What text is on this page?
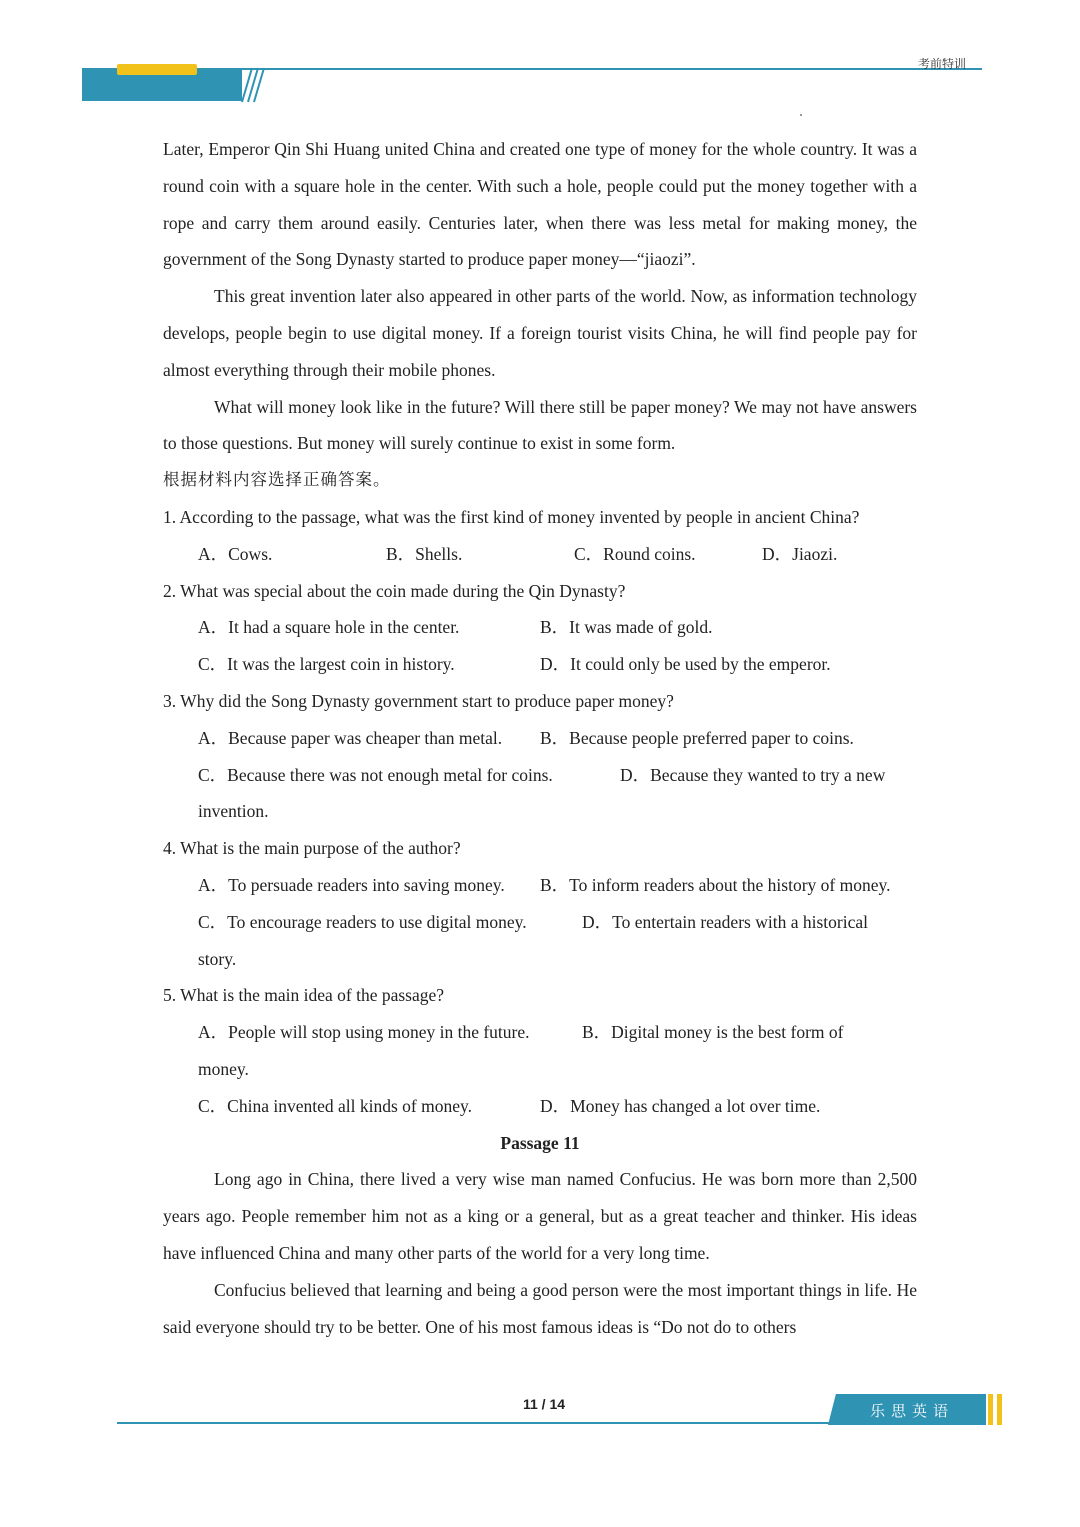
考前特训

Later, Emperor Qin Shi Huang united China and created one type of money for the whole country. It was a round coin with a square hole in the center. With such a hole, people could put the money together with a rope and carry them around easily. Centuries later, when there was less metal for making money, the government of the Song Dynasty started to produce paper money—“jiaozi”.

This great invention later also appeared in other parts of the world. Now, as information technology develops, people begin to use digital money. If a foreign tourist visits China, he will find people pay for almost everything through their mobile phones.

What will money look like in the future? Will there still be paper money? We may not have answers to those questions. But money will surely continue to exist in some form.

根据材料内容选择正确答案。

1. According to the passage, what was the first kind of money invented by people in ancient China?

A．Cows.	B．Shells.	C．Round coins.	D．Jiaozi.

2. What was special about the coin made during the Qin Dynasty?

A．It had a square hole in the center.	B．It was made of gold.
C．It was the largest coin in history.	D．It could only be used by the emperor.

3. Why did the Song Dynasty government start to produce paper money?

A．Because paper was cheaper than metal.	B．Because people preferred paper to coins.
C．Because there was not enough metal for coins.	D．Because they wanted to try a new

invention.

4. What is the main purpose of the author?

A．To persuade readers into saving money.	B．To inform readers about the history of money.
C．To encourage readers to use digital money.	D．To entertain readers with a historical

story.

5. What is the main idea of the passage?

A．People will stop using money in the future.	B．Digital money is the best form of

money.

C．China invented all kinds of money.	D．Money has changed a lot over time.

Passage 11

Long ago in China, there lived a very wise man named Confucius. He was born more than 2,500 years ago. People remember him not as a king or a general, but as a great teacher and thinker. His ideas have influenced China and many other parts of the world for a very long time.

Confucius believed that learning and being a good person were the most important things in life. He said everyone should try to be better. One of his most famous ideas is “Do not do to others

11 / 14	乐思英语
